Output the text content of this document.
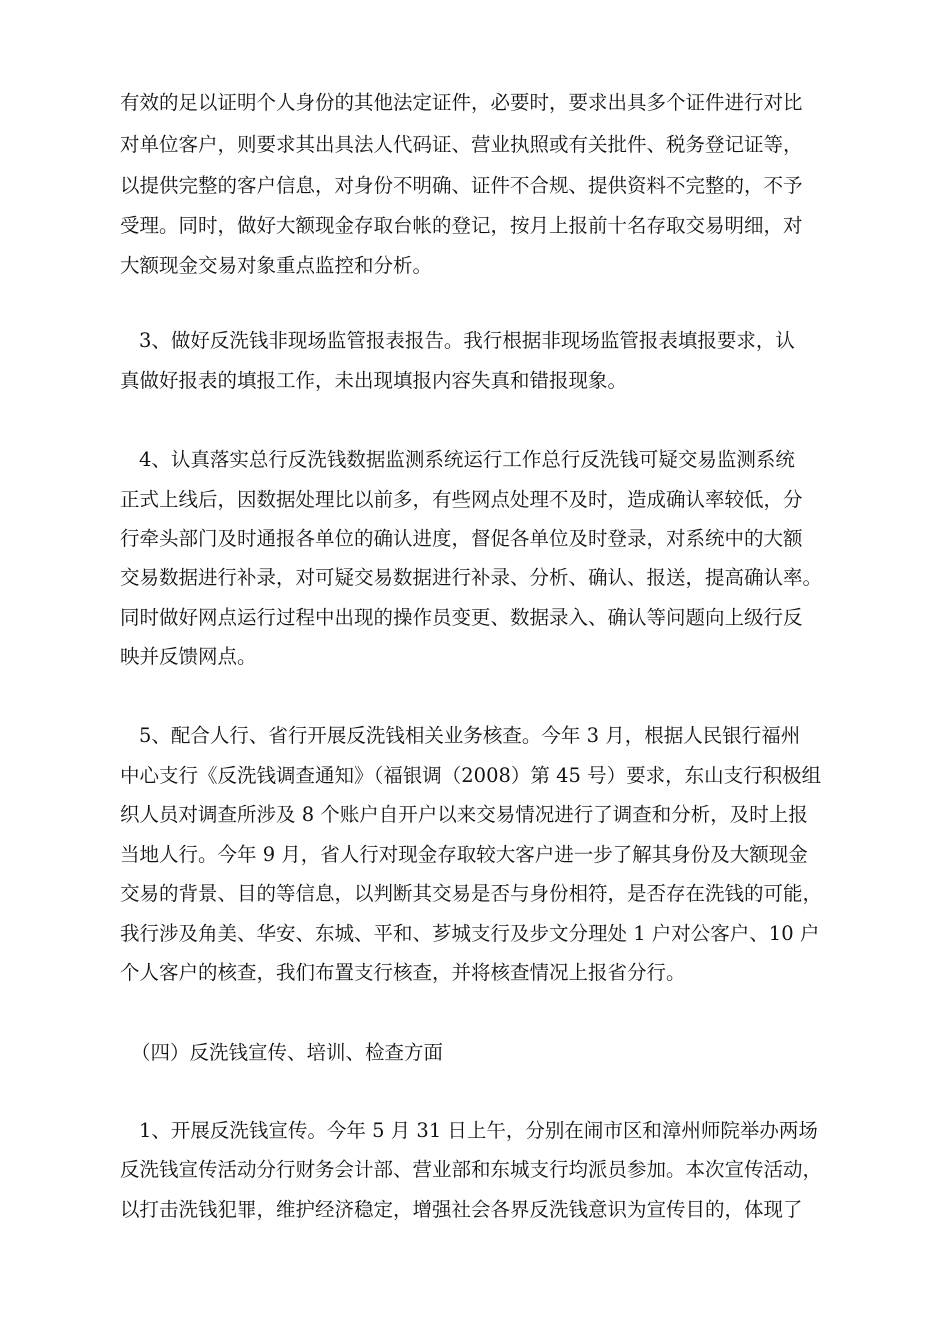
有效的足以证明个人身份的其他法定证件，必要时，要求出具多个证件进行对比
对单位客户，则要求其出具法人代码证、营业执照或有关批件、税务登记证等，
以提供完整的客户信息，对身份不明确、证件不合规、提供资料不完整的，不予
受理。同时，做好大额现金存取台帐的登记，按月上报前十名存取交易明细，对
大额现金交易对象重点监控和分析。
3、做好反洗钱非现场监管报表报告。我行根据非现场监管报表填报要求，认
真做好报表的填报工作，未出现填报内容失真和错报现象。
4、认真落实总行反洗钱数据监测系统运行工作总行反洗钱可疑交易监测系统
正式上线后，因数据处理比以前多，有些网点处理不及时，造成确认率较低，分
行牵头部门及时通报各单位的确认进度，督促各单位及时登录，对系统中的大额
交易数据进行补录，对可疑交易数据进行补录、分析、确认、报送，提高确认率。
同时做好网点运行过程中出现的操作员变更、数据录入、确认等问题向上级行反
映并反馈网点。
5、配合人行、省行开展反洗钱相关业务核查。今年 3 月，根据人民银行福州
中心支行《反洗钱调查通知》（福银调（2008）第 45 号）要求，东山支行积极组
织人员对调查所涉及 8 个账户自开户以来交易情况进行了调查和分析，及时上报
当地人行。今年 9 月，省人行对现金存取较大客户进一步了解其身份及大额现金
交易的背景、目的等信息，以判断其交易是否与身份相符，是否存在洗钱的可能，
我行涉及角美、华安、东城、平和、芗城支行及步文分理处 1 户对公客户、10 户
个人客户的核查，我们布置支行核查，并将核查情况上报省分行。
（四）反洗钱宣传、培训、检查方面
1、开展反洗钱宣传。今年 5 月 31 日上午，分别在闹市区和漳州师院举办两场
反洗钱宣传活动分行财务会计部、营业部和东城支行均派员参加。本次宣传活动，
以打击洗钱犯罪，维护经济稳定，增强社会各界反洗钱意识为宣传目的，体现了
